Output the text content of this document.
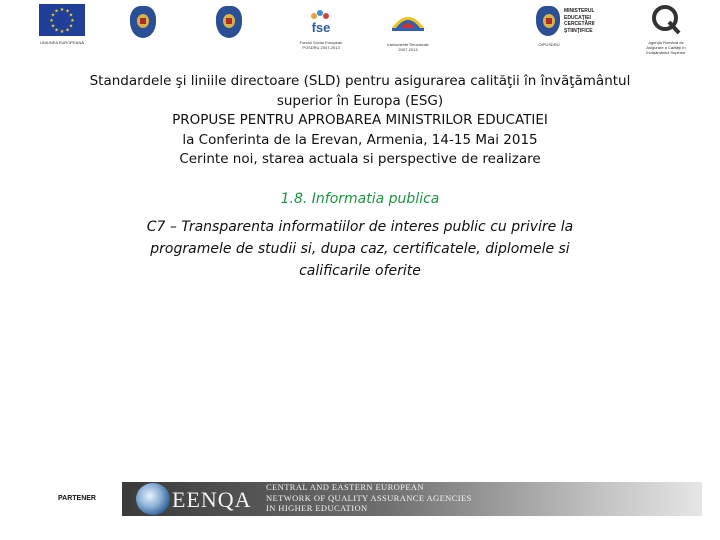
★ ★
★
★
★
★
★
★
★
★
★
★
UNIUNEA EUROPEANĂ
fse
Fondul Social European
POSDRU 2007-2013
Instrumente Structurale
2007-2013
MINISTERUL
EDUCAŢIEI
CERCETĂRII
ŞTIINŢIFICE
OIPOSDRU	Agenţia Română de
Asigurare a Calităţii în
Învăţământul Superior
Standardele şi liniile directoare (SLD) pentru asigurarea calităţii în învăţământul
superior în Europa (ESG)
PROPUSE PENTRU APROBAREA MINISTRILOR EDUCATIEI
la Conferinta de la Erevan, Armenia, 14-15 Mai 2015
Cerinte noi, starea actuala si perspective de realizare
1.8. Informatia publica
C7 – Transparenta informatiilor de interes public cu privire la
programele de studii si, dupa caz, certificatele, diplomele si
calificarile oferite
PARTENER	EENQA CENTRAL AND EASTERN EUROPEAN
NETWORK OF QUALITY ASSURANCE AGENCIES
IN HIGHER EDUCATION
